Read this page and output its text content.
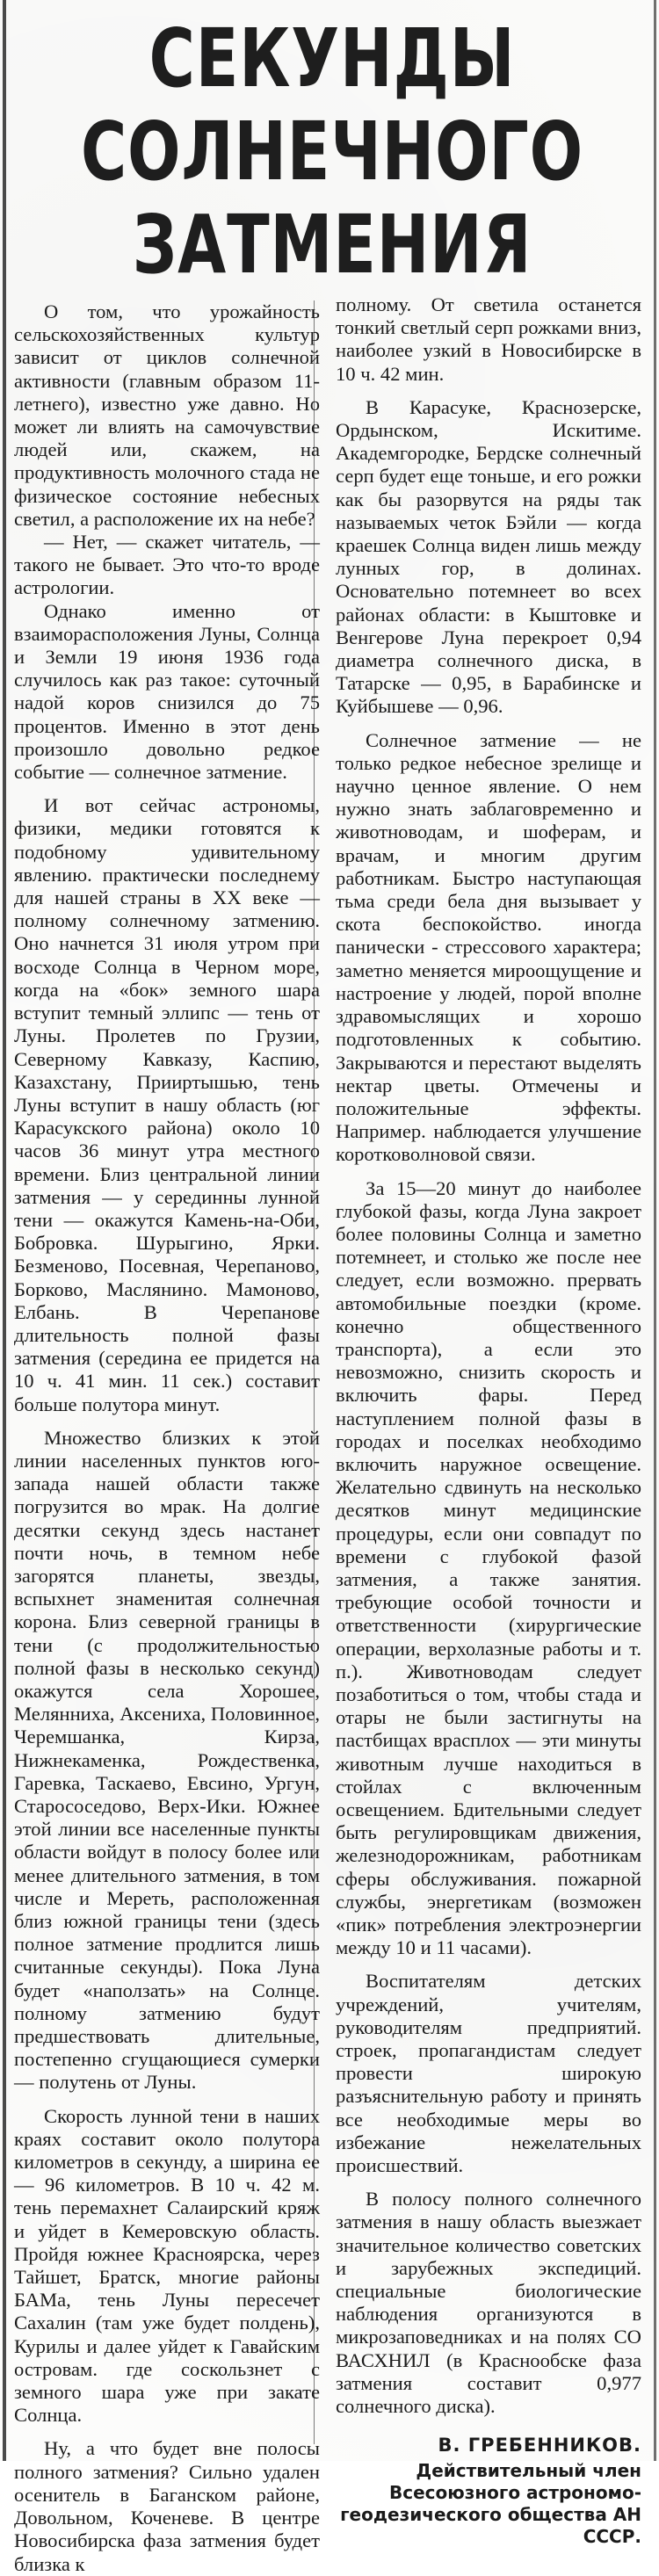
СЕКУНДЫ
СОЛНЕЧНОГО
ЗАТМЕНИЯ

О том, что урожайность сельскохозяйственных культур зависит от циклов солнечной активности (главным образом 11-летнего), известно уже давно. Но может ли влиять на самочувствие людей или, скажем, на продуктивность молочного стада не физическое состояние небесных светил, а расположение их на небе?

— Нет, — скажет читатель, — такого не бывает. Это что-то вроде астрологии.

Однако именно от взаиморасположения Луны, Солнца и Земли 19 июня 1936 года случилось как раз такое: суточный надой коров снизился до 75 процентов. Именно в этот день произошло довольно редкое событие — солнечное затмение.

И вот сейчас астрономы, физики, медики готовятся к подобному удивительному явлению. практически последнему для нашей страны в XX веке — полному солнечному затмению. Оно начнется 31 июля утром при восходе Солнца в Черном море, когда на «бок» земного шара вступит темный эллипс — тень от Луны. Пролетев по Грузии, Северному Кавказу, Каспию, Казахстану, Прииртышью, тень Луны вступит в нашу область (юг Карасукского района) около 10 часов 36 минут утра местного времени. Близ центральной линии затмения — у серединны лунной тени — окажутся Камень-на-Оби, Бобровка. Шурыгино, Ярки. Безменово, Посевная, Черепаново, Борково, Маслянино. Мамоново, Елбань. В Черепанове длительность полной фазы затмения (середина ее придется на 10 ч. 41 мин. 11 сек.) составит больше полутора минут.

Множество близких к этой линии населенных пунктов юго-запада нашей области также погрузится во мрак. На долгие десятки секунд здесь настанет почти ночь, в темном небе загорятся планеты, звезды, вспыхнет знаменитая солнечная корона. Близ северной границы в тени (с продолжительностью полной фазы в несколько секунд) окажутся села Хорошее, Мелянниха, Аксениха, Половинное, Черемшанка, Кирза, Нижнекаменка, Рождественка, Гаревка, Таскаево, Евсино, Ургун, Старососедово, Верх-Ики. Южнее этой линии все населенные пункты области войдут в полосу более или менее длительного затмения, в том числе и Мереть, расположенная близ южной границы тени (здесь полное затмение продлится лишь считанные секунды). Пока Луна будет «наползать» на Солнце. полному затмению будут предшествовать длительные, постепенно сгущающиеся сумерки — полутень от Луны.

Скорость лунной тени в наших краях составит около полутора километров в секунду, а ширина ее — 96 километров. В 10 ч. 42 м. тень перемахнет Салаирский кряж и уйдет в Кемеровскую область. Пройдя южнее Красноярска, через Тайшет, Братск, многие районы БАМа, тень Луны пересечет Сахалин (там уже будет полдень), Курилы и далее уйдет к Гавайским островам. где соскользнет с земного шара уже при закате Солнца.

Ну, а что будет вне полосы полного затмения? Сильно удален осенитель в Баганском районе, Довольном, Коченеве. В центре Новосибирска фаза затмения будет близка к

полному. От светила останется тонкий светлый серп рожками вниз, наиболее узкий в Новосибирске в 10 ч. 42 мин.

В Карасуке, Краснозерске, Ордынском, Искитиме. Академгородке, Бердске солнечный серп будет еще тоньше, и его рожки как бы разорвутся на ряды так называемых четок Бэйли — когда краешек Солнца виден лишь между лунных гор, в долинах. Основательно потемнеет во всех районах области: в Кыштовке и Венгерове Луна перекроет 0,94 диаметра солнечного диска, в Татарске — 0,95, в Барабинске и Куйбышеве — 0,96.

Солнечное затмение — не только редкое небесное зрелище и научно ценное явление. О нем нужно знать заблаговременно и животноводам, и шоферам, и врачам, и многим другим работникам. Быстро наступающая тьма среди бела дня вызывает у скота беспокойство. иногда панически - стрессового характера; заметно меняется мироощущение и настроение у людей, порой вполне здравомыслящих и хорошо подготовленных к событию. Закрываются и перестают выделять нектар цветы. Отмечены и положительные эффекты. Например. наблюдается улучшение коротковолновой связи.

За 15—20 минут до наиболее глубокой фазы, когда Луна закроет более половины Солнца и заметно потемнеет, и столько же после нее следует, если возможно. прервать автомобильные поездки (кроме. конечно общественного транспорта), а если это невозможно, снизить скорость и включить фары. Перед наступлением полной фазы в городах и поселках необходимо включить наружное освещение. Желательно сдвинуть на несколько десятков минут медицинские процедуры, если они совпадут по времени с глубокой фазой затмения, а также занятия. требующие особой точности и ответственности (хирургические операции, верхолазные работы и т. п.). Животноводам следует позаботиться о том, чтобы стада и отары не были застигнуты на пастбищах врасплох — эти минуты животным лучше находиться в стойлах с включенным освещением. Бдительными следует быть регулировщикам движения, железнодорожникам, работникам сферы обслуживания. пожарной службы, энергетикам (возможен «пик» потребления электроэнергии между 10 и 11 часами).

Воспитателям детских учреждений, учителям, руководителям предприятий. строек, пропагандистам следует провести широкую разъяснительную работу и принять все необходимые меры во избежание нежелательных происшествий.

В полосу полного солнечного затмения в нашу область выезжает значительное количество советских и зарубежных экспедиций. специальные биологические наблюдения организуются в микрозаповедниках и на полях СО ВАСХНИЛ (в Краснообске фаза затмения составит 0,977 солнечного диска).

В. ГРЕБЕННИКОВ.
Действительный член Всесоюзного астрономо-геодезического общества АН СССР.
